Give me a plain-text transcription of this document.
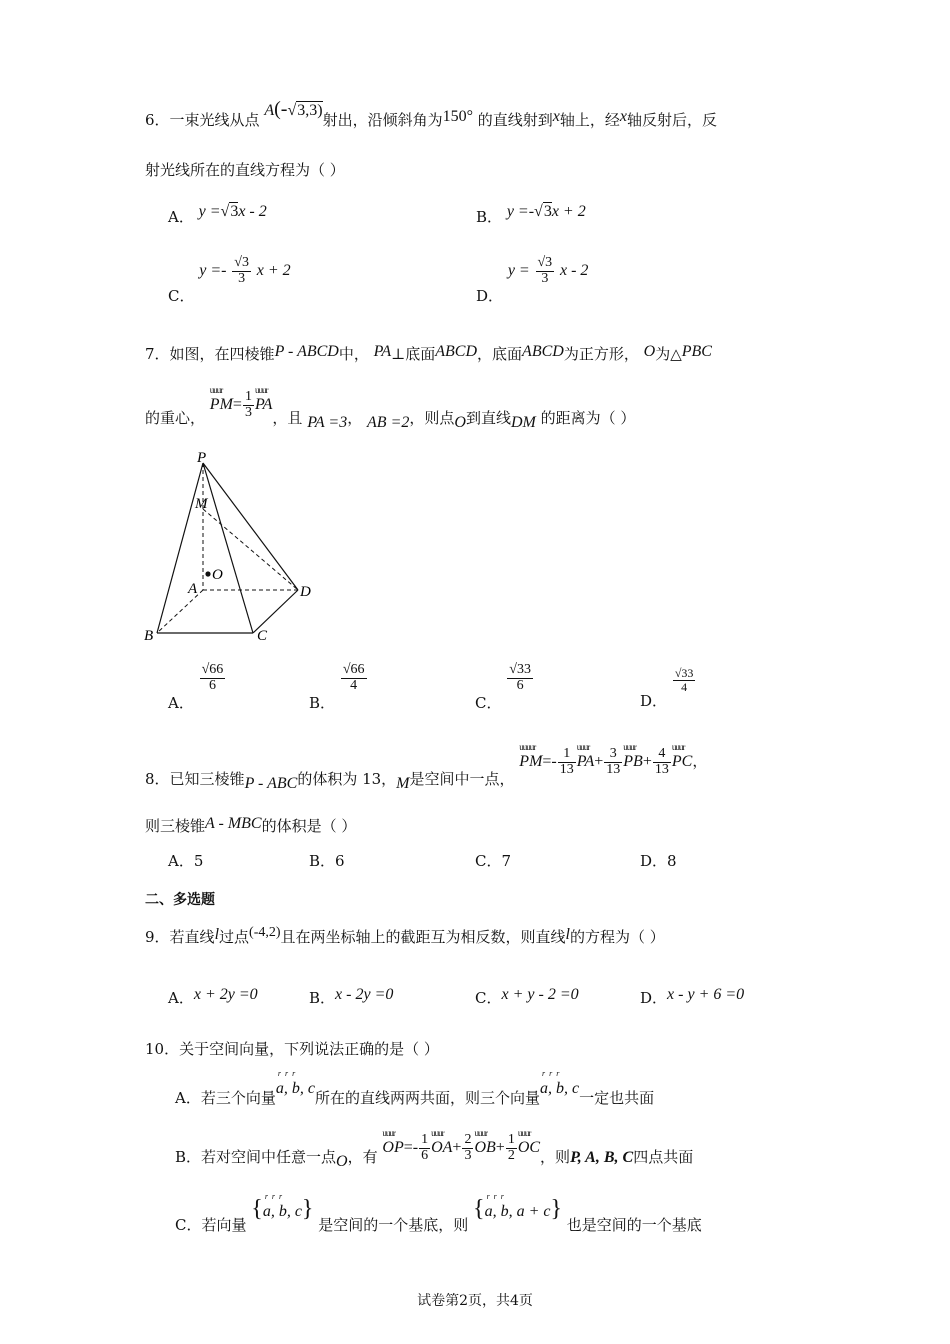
6．一束光线从点 A(-√3,3)射出，沿倾斜角为150° 的直线射到x轴上，经x轴反射后，反
射光线所在的直线方程为（ ）
A． y =√3x - 2	B． y =-√3x + 2
C． $y =- \frac{√3}{3}$ x + 2
D． $y = \frac{√3}{3}$ x - 2
7．如图，在四棱锥P - ABCD中， PA⊥底面ABCD，底面ABCD为正方形， O为△PBC
的重心， uuur $PM= \frac{1}{3}$ uuur PA，且 PA =3， AB =2，则点O到直线DM 的距离为（ ）
P
M
O
A
B	C
D
A．
$\frac{√66}{6}$
B．
$\frac{√66}{4}$
C．
$\frac{√33}{6}$
D．
$\frac{√33}{4}$
8．已知三棱锥P - ABC的体积为 13，M是空间中一点， uuuur $PM=- \frac{1}{13}$ uuur $PA+ \frac{3}{13}$ uuur $PB+ \frac{4}{13}$ uuur PC，
则三棱锥A - MBC的体积是（ ）
A．5	B．6	C．7	D．8
二、多选题
9．若直线l过点(-4,2)且在两坐标轴上的截距互为相反数，则直线l的方程为（ ）
A．x + 2y =0	B．x - 2y =0	C．x + y - 2 =0	D．x - y + 6 =0
10．关于空间向量，下列说法正确的是（ ）
A．若三个向量r r r a, b, c所在的直线两两共面，则三个向量r r r a, b, c一定也共面
B．若对空间中任意一点O，有 uuur $OP=- \frac{1}{6}$ uuur $OA+ \frac{2}{3}$ uuur $OB+ \frac{1}{2}$ uuur OC，则P, A, B, C四点共面
C．若向量 {r r r a, b, c} 是空间的一个基底，则 {r r r a, b, a + c} 也是空间的一个基底
试卷第2页，共4页
